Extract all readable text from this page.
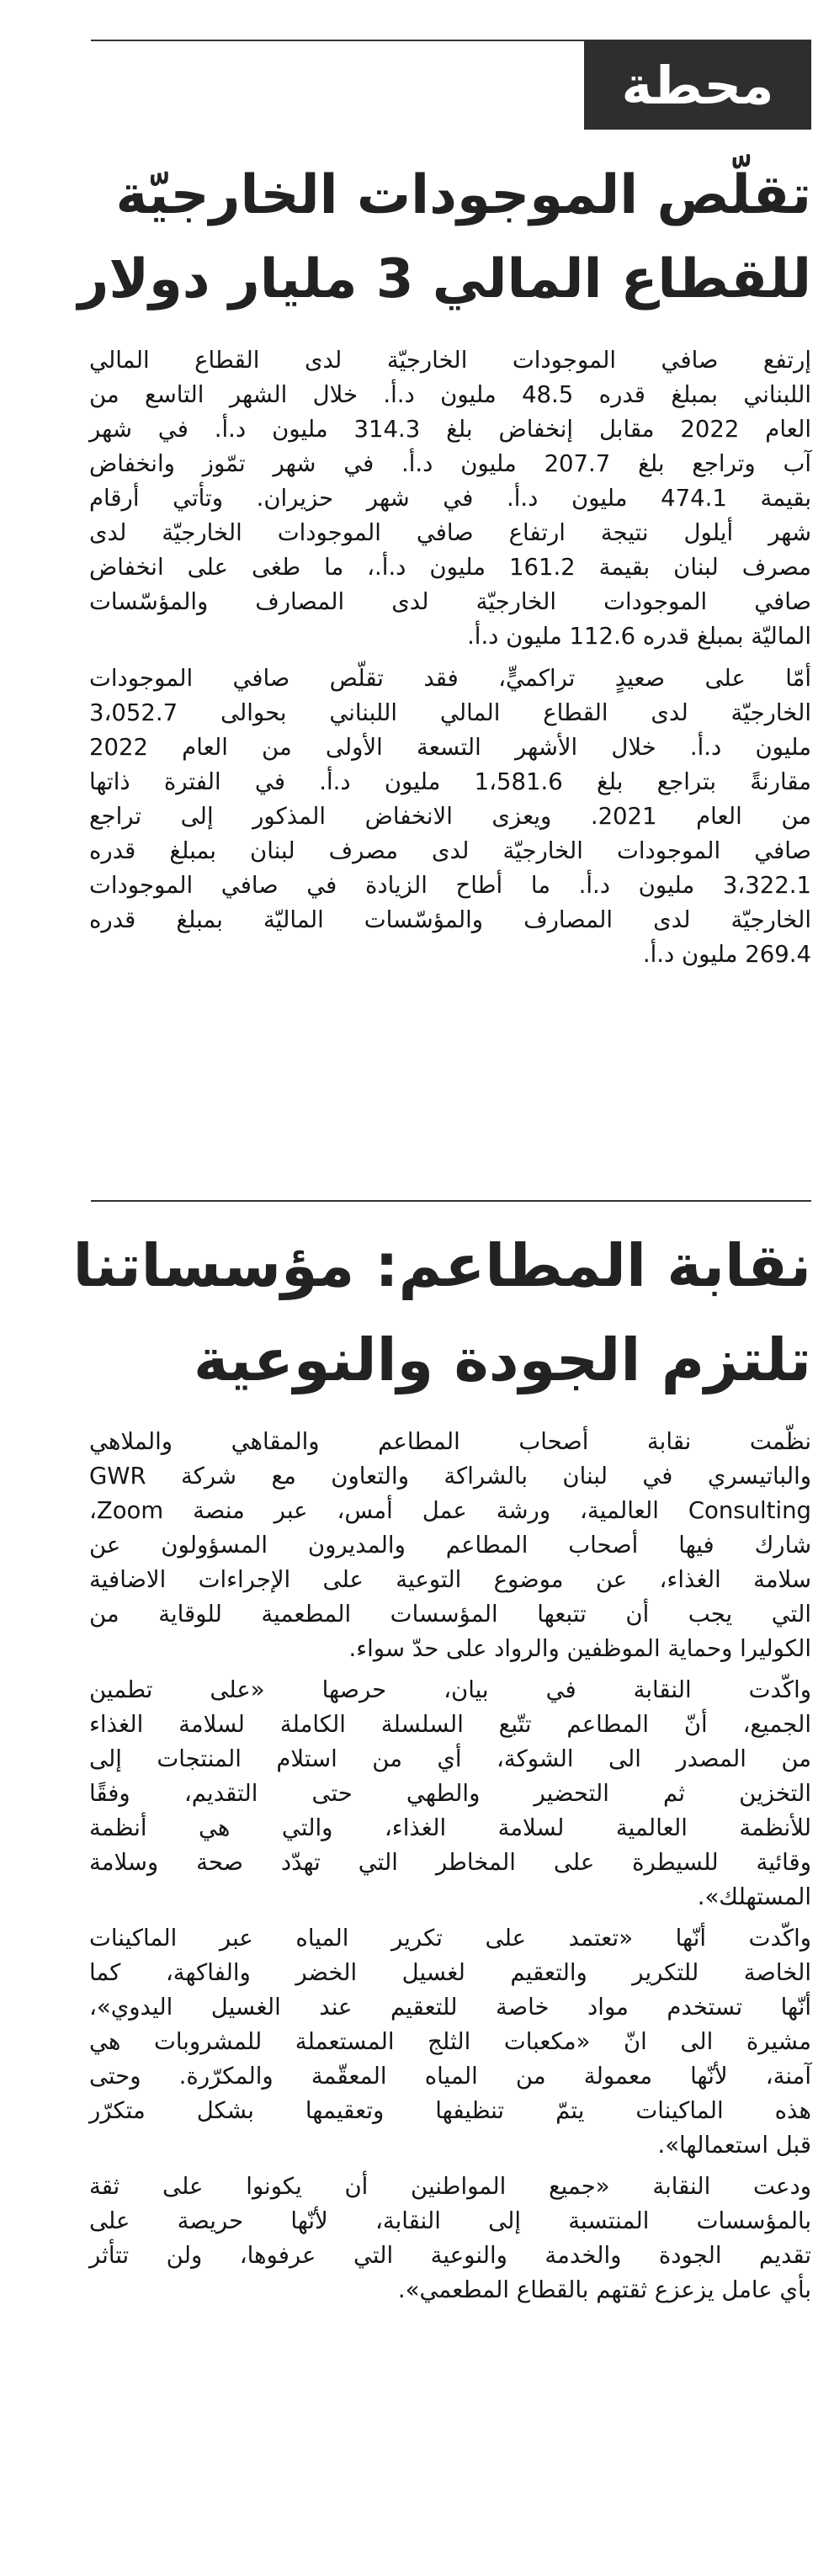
محطة
تقلّص الموجودات الخارجيّة
للقطاع المالي 3 مليار دولار

إرتفع صافي الموجودات الخارجيّة لدى القطاع المالي
اللبناني بمبلغ قدره 48.5 مليون د.أ. خلال الشهر التاسع من
العام 2022 مقابل إنخفاض بلغ 314.3 مليون د.أ. في شهر
آب وتراجع بلغ 207.7 مليون د.أ. في شهر تمّوز وانخفاض
بقيمة 474.1 مليون د.أ. في شهر حزيران. وتأتي أرقام
شهر أيلول نتيجة ارتفاع صافي الموجودات الخارجيّة لدى
مصرف لبنان بقيمة 161.2 مليون د.أ.، ما طغى على انخفاض
صافي الموجودات الخارجيّة لدى المصارف والمؤسّسات
الماليّة بمبلغ قدره 112.6 مليون د.أ.

أمّا على صعيدٍ تراكميٍّ، فقد تقلّص صافي الموجودات
الخارجيّة لدى القطاع المالي اللبناني بحوالى 3،052.7
مليون د.أ. خلال الأشهر التسعة الأولى من العام 2022
مقارنةً بتراجع بلغ 1،581.6 مليون د.أ. في الفترة ذاتها
من العام 2021. ويعزى الانخفاض المذكور إلى تراجع
صافي الموجودات الخارجيّة لدى مصرف لبنان بمبلغ قدره
3،322.1 مليون د.أ. ما أطاح الزيادة في صافي الموجودات
الخارجيّة لدى المصارف والمؤسّسات الماليّة بمبلغ قدره
269.4 مليون د.أ.

نقابة المطاعم: مؤسساتنا
تلتزم الجودة والنوعية

نظّمت نقابة أصحاب المطاعم والمقاهي والملاهي
والباتيسري في لبنان بالشراكة والتعاون مع شركة GWR
Consulting العالمية، ورشة عمل أمس، عبر منصة Zoom،
شارك فيها أصحاب المطاعم والمديرون المسؤولون عن
سلامة الغذاء، عن موضوع التوعية على الإجراءات الاضافية
التي يجب أن تتبعها المؤسسات المطعمية للوقاية من
الكوليرا وحماية الموظفين والرواد على حدّ سواء.

واكّدت النقابة في بيان، حرصها «على تطمين
الجميع، أنّ المطاعم تتّبع السلسلة الكاملة لسلامة الغذاء
من المصدر الى الشوكة، أي من استلام المنتجات إلى
التخزين ثم التحضير والطهي حتى التقديم، وفقًا
للأنظمة العالمية لسلامة الغذاء، والتي هي أنظمة
وقائية للسيطرة على المخاطر التي تهدّد صحة وسلامة
المستهلك».

واكّدت أنّها «تعتمد على تكرير المياه عبر الماكينات
الخاصة للتكرير والتعقيم لغسيل الخضر والفاكهة، كما
أنّها تستخدم مواد خاصة للتعقيم عند الغسيل اليدوي»،
مشيرة الى انّ «مكعبات الثلج المستعملة للمشروبات هي
آمنة، لأنّها معمولة من المياه المعقّمة والمكرّرة. وحتى
هذه الماكينات يتمّ تنظيفها وتعقيمها بشكل متكرّر
قبل استعمالها».

ودعت النقابة «جميع المواطنين أن يكونوا على ثقة
بالمؤسسات المنتسبة إلى النقابة، لأنّها حريصة على
تقديم الجودة والخدمة والنوعية التي عرفوها، ولن تتأثر
بأي عامل يزعزع ثقتهم بالقطاع المطعمي».
